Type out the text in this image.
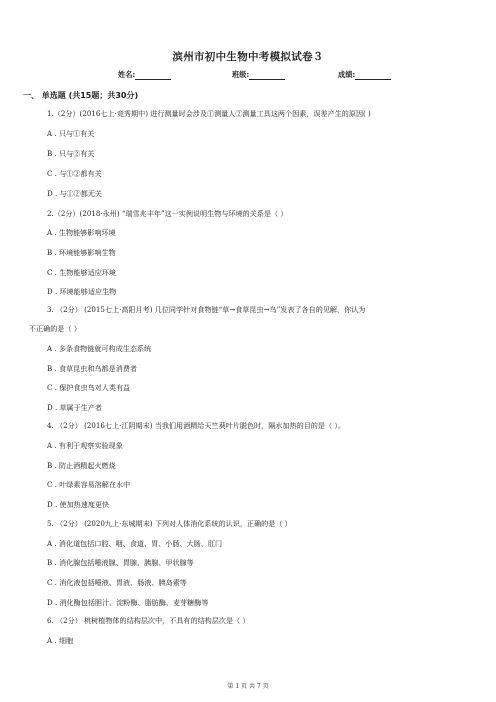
滨州市初中生物中考模拟试卷３
姓名:	班级:	成绩:
一、 单选题 (共15题；共30分)
1.（2分）(2016七上·竞秀期中) 进行测量时会涉及①测量人②测量工具这两个因素，误差产生的原因( )
A . 只与①有关
B . 只与②有关
C . 与①②都有关
D . 与①②都无关
2.（2分）(2018·永州) “瑞雪兆丰年”这一实例说明生物与环境的关系是（ ）
A . 生物能够影响环境
B . 环境能够影响生物
C . 生物能够适应环境
D . 环境能够适应生物
3. （2分） (2015七上·高阳月考) 几位同学针对食物链“草→食草昆虫→鸟”发表了各自的见解，你认为
不正确的是（ ）
A . 多条食物链就可构成生态系统
B . 食草昆虫和鸟都是消费者
C . 保护食虫鸟对人类有益
D . 草属于生产者
4. （2分） (2016七上·江阴期末) 当我们用酒精给天竺葵叶片脱色时，隔水加热的目的是（ ）。
A . 有利于观察实验现象
B . 防止酒精起火燃烧
C . 叶绿素容易溶解在水中
D . 使加热速度更快
5. （2分） (2020九上·东城期末) 下列对人体消化系统的认识，正确的是（ ）
A . 消化道包括口腔、咽、食道、胃、小肠、大肠、肛门
B . 消化腺包括唾液腺、胃腺、胰腺、甲状腺等
C . 消化液包括唾液、胃液、肠液、胰岛素等
D . 消化酶包括胆汁、淀粉酶、脂肪酶、麦芽糖酶等
6. （2分） 桃树植物体的结构层次中，不具有的结构层次是（ ）
A . 细胞
第 1 页 共 7 页
